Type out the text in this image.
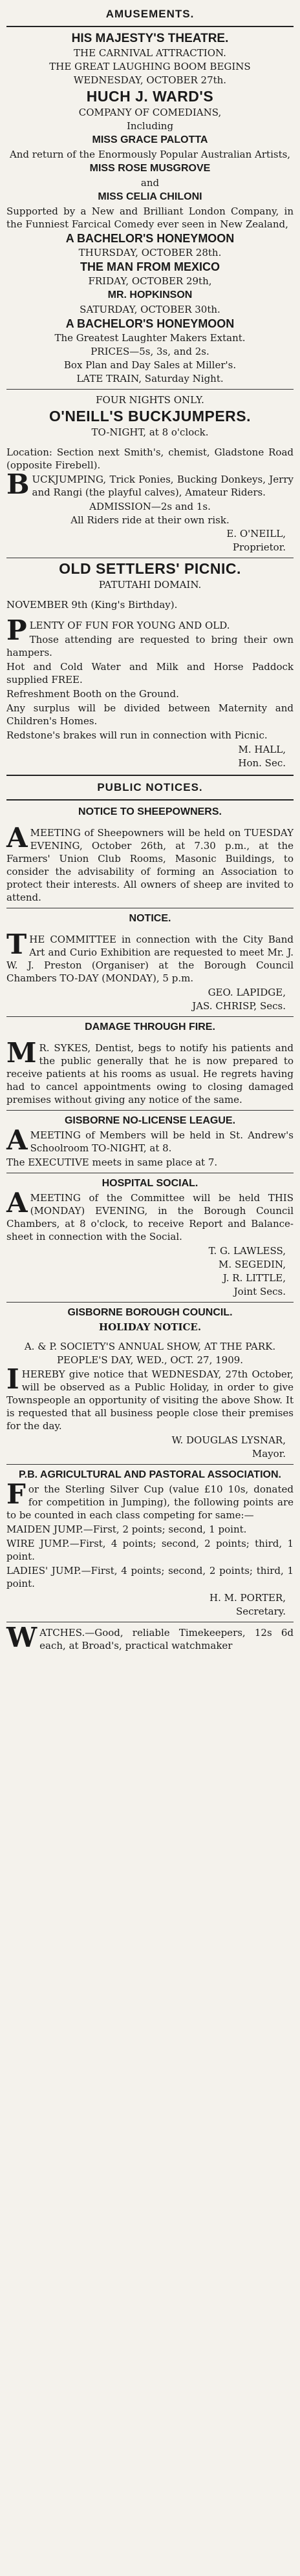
AMUSEMENTS.
HIS MAJESTY'S THEATRE.
THE CARNIVAL ATTRACTION.
THE GREAT LAUGHING BOOM BEGINS
WEDNESDAY, OCTOBER 27th.
HUCH J. WARD'S
COMPANY OF COMEDIANS,
Including
MISS GRACE PALOTTA
And return of the Enormously Popular Australian Artists,
MISS ROSE MUSGROVE
and
MISS CELIA CHILONI
Supported by a New and Brilliant London Company, in the Funniest Farcical Comedy ever seen in New Zealand,
A BACHELOR'S HONEYMOON
THURSDAY, OCTOBER 28th.
THE MAN FROM MEXICO
FRIDAY, OCTOBER 29th,
MR. HOPKINSON
SATURDAY, OCTOBER 30th.
A BACHELOR'S HONEYMOON
The Greatest Laughter Makers Extant.
PRICES—5s, 3s, and 2s.
Box Plan and Day Sales at Miller's.
LATE TRAIN, Saturday Night.
FOUR NIGHTS ONLY.
O'NEILL'S BUCKJUMPERS.
TO-NIGHT, at 8 o'clock.
Location: Section next Smith's, chemist, Gladstone Road (opposite Firebell).
BUCKJUMPING, Trick Ponies, Bucking Donkeys, Jerry and Rangi (the playful calves), Amateur Riders.
ADMISSION—2s and 1s.
All Riders ride at their own risk.
E. O'NEILL,
Proprietor.
OLD SETTLERS' PICNIC.
PATUTAHI DOMAIN.
NOVEMBER 9th (King's Birthday).
PLENTY OF FUN FOR YOUNG AND OLD.
Those attending are requested to bring their own hampers.
Hot and Cold Water and Milk and Horse Paddock supplied FREE.
Refreshment Booth on the Ground.
Any surplus will be divided between Maternity and Children's Homes.
Redstone's brakes will run in connection with Picnic.
M. HALL,
Hon. Sec.
PUBLIC NOTICES.
NOTICE TO SHEEPOWNERS.
AMEETING of Sheepowners will be held on TUESDAY EVENING, October 26th, at 7.30 p.m., at the Farmers' Union Club Rooms, Masonic Buildings, to consider the advisability of forming an Association to protect their interests. All owners of sheep are invited to attend.
NOTICE.
THE COMMITTEE in connection with the City Band Art and Curio Exhibition are requested to meet Mr. J. W. J. Preston (Organiser) at the Borough Council Chambers TO-DAY (MONDAY), 5 p.m.
GEO. LAPIDGE,
JAS. CHRISP, Secs.
DAMAGE THROUGH FIRE.
MR. SYKES, Dentist, begs to notify his patients and the public generally that he is now prepared to receive patients at his rooms as usual. He regrets having had to cancel appointments owing to closing damaged premises without giving any notice of the same.
GISBORNE NO-LICENSE LEAGUE.
AMEETING of Members will be held in St. Andrew's Schoolroom TO-NIGHT, at 8.
The EXECUTIVE meets in same place at 7.
HOSPITAL SOCIAL.
AMEETING of the Committee will be held THIS (MONDAY) EVENING, in the Borough Council Chambers, at 8 o'clock, to receive Report and Balance-sheet in connection with the Social.
T. G. LAWLESS,
M. SEGEDIN,
J. R. LITTLE,
Joint Secs.
GISBORNE BOROUGH COUNCIL.
HOLIDAY NOTICE.
A. & P. SOCIETY'S ANNUAL SHOW, AT THE PARK.
PEOPLE'S DAY, WED., OCT. 27, 1909.
IHEREBY give notice that WEDNESDAY, 27th October, will be observed as a Public Holiday, in order to give Townspeople an opportunity of visiting the above Show. It is requested that all business people close their premises for the day.
W. DOUGLAS LYSNAR,
Mayor.
P.B. AGRICULTURAL AND PASTORAL ASSOCIATION.
For the Sterling Silver Cup (value £10 10s, donated for competition in Jumping), the following points are to be counted in each class competing for same:—
MAIDEN JUMP.—First, 2 points; second, 1 point.
WIRE JUMP.—First, 4 points; second, 2 points; third, 1 point.
LADIES' JUMP.—First, 4 points; second, 2 points; third, 1 point.
H. M. PORTER,
Secretary.
WATCHES.—Good, reliable Timekeepers, 12s 6d each, at Broad's, practical watchmaker
